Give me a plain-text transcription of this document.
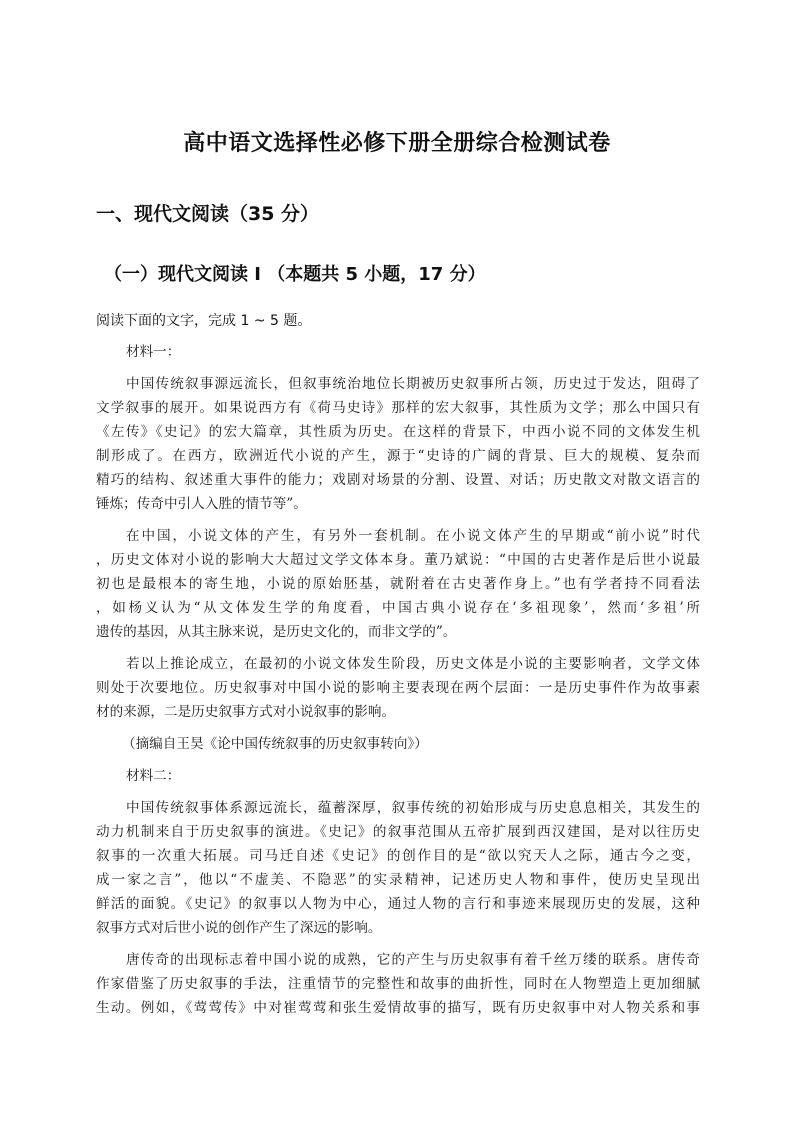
高中语文选择性必修下册全册综合检测试卷
一、现代文阅读（35 分）
（一）现代文阅读 Ⅰ （本题共 5 小题，17 分）
阅读下面的文字，完成 1 ~ 5 题。
材料一：
中国传统叙事源远流长，但叙事统治地位长期被历史叙事所占领，历史过于发达，阻碍了
文学叙事的展开。如果说西方有《荷马史诗》那样的宏大叙事，其性质为文学；那么中国只有
《左传》《史记》的宏大篇章，其性质为历史。在这样的背景下，中西小说不同的文体发生机
制形成了。在西方，欧洲近代小说的产生，源于“史诗的广阔的背景、巨大的规模、复杂而
精巧的结构、叙述重大事件的能力；戏剧对场景的分割、设置、对话；历史散文对散文语言的
锤炼；传奇中引人入胜的情节等”。
在中国，小说文体的产生，有另外一套机制。在小说文体产生的早期或“前小说”时代
，历史文体对小说的影响大大超过文学文体本身。董乃斌说：“中国的古史著作是后世小说最
初也是最根本的寄生地，小说的原始胚基，就附着在古史著作身上。”也有学者持不同看法
，如杨义认为“从文体发生学的角度看，中国古典小说存在‘多祖现象’，然而‘多祖’所
遗传的基因，从其主脉来说，是历史文化的，而非文学的”。
若以上推论成立，在最初的小说文体发生阶段，历史文体是小说的主要影响者，文学文体
则处于次要地位。历史叙事对中国小说的影响主要表现在两个层面：一是历史事件作为故事素
材的来源，二是历史叙事方式对小说叙事的影响。
（摘编自王昊《论中国传统叙事的历史叙事转向》）
材料二：
中国传统叙事体系源远流长，蕴蓄深厚，叙事传统的初始形成与历史息息相关，其发生的
动力机制来自于历史叙事的演进。《史记》的叙事范围从五帝扩展到西汉建国，是对以往历史
叙事的一次重大拓展。司马迁自述《史记》的创作目的是“欲以究天人之际，通古今之变，
成一家之言”，他以“不虚美、不隐恶”的实录精神，记述历史人物和事件，使历史呈现出
鲜活的面貌。《史记》的叙事以人物为中心，通过人物的言行和事迹来展现历史的发展，这种
叙事方式对后世小说的创作产生了深远的影响。
唐传奇的出现标志着中国小说的成熟，它的产生与历史叙事有着千丝万缕的联系。唐传奇
作家借鉴了历史叙事的手法，注重情节的完整性和故事的曲折性，同时在人物塑造上更加细腻
生动。例如，《莺莺传》中对崔莺莺和张生爱情故事的描写，既有历史叙事中对人物关系和事
